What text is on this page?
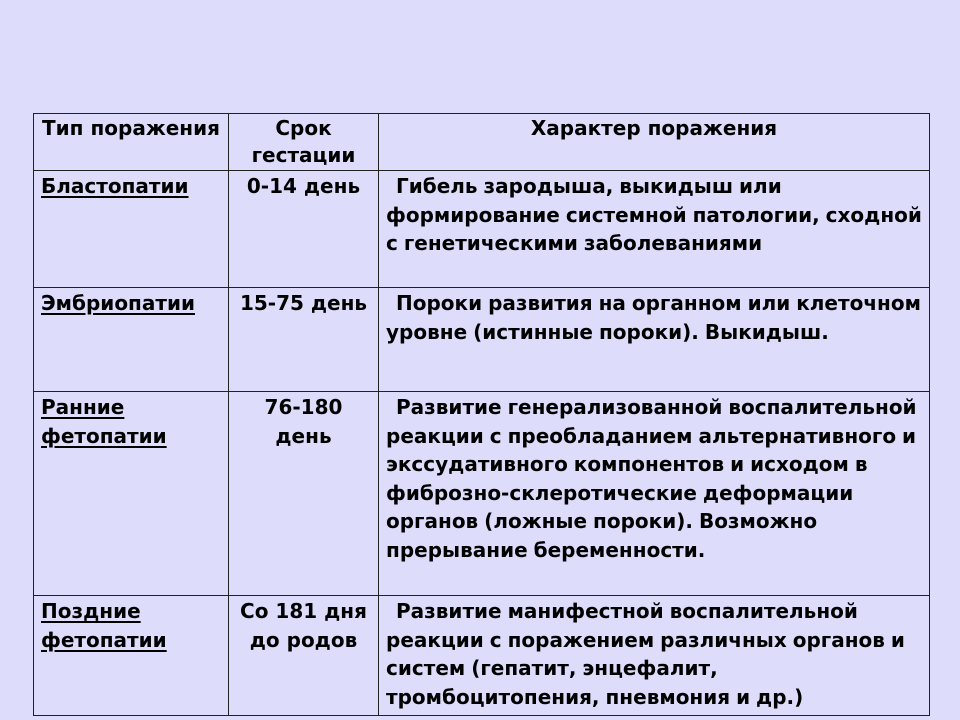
Тип поражения	Срок гестации	Характер поражения

Бластопатии	0-14 день	Гибель зародыша, выкидыш или формирование системной патологии, сходной с генетическими заболеваниями

Эмбриопатии	15-75 день	Пороки развития на органном или клеточном уровне (истинные пороки). Выкидыш.

Ранние фетопатии	76-180 день	Развитие генерализованной воспалительной реакции с преобладанием альтернативного и экссудативного компонентов и исходом в фиброзно-склеротические деформации органов (ложные пороки). Возможно прерывание беременности.

Поздние фетопатии	Со 181 дня до родов	Развитие манифестной воспалительной реакции с поражением различных органов и систем (гепатит, энцефалит, тромбоцитопения, пневмония и др.)
